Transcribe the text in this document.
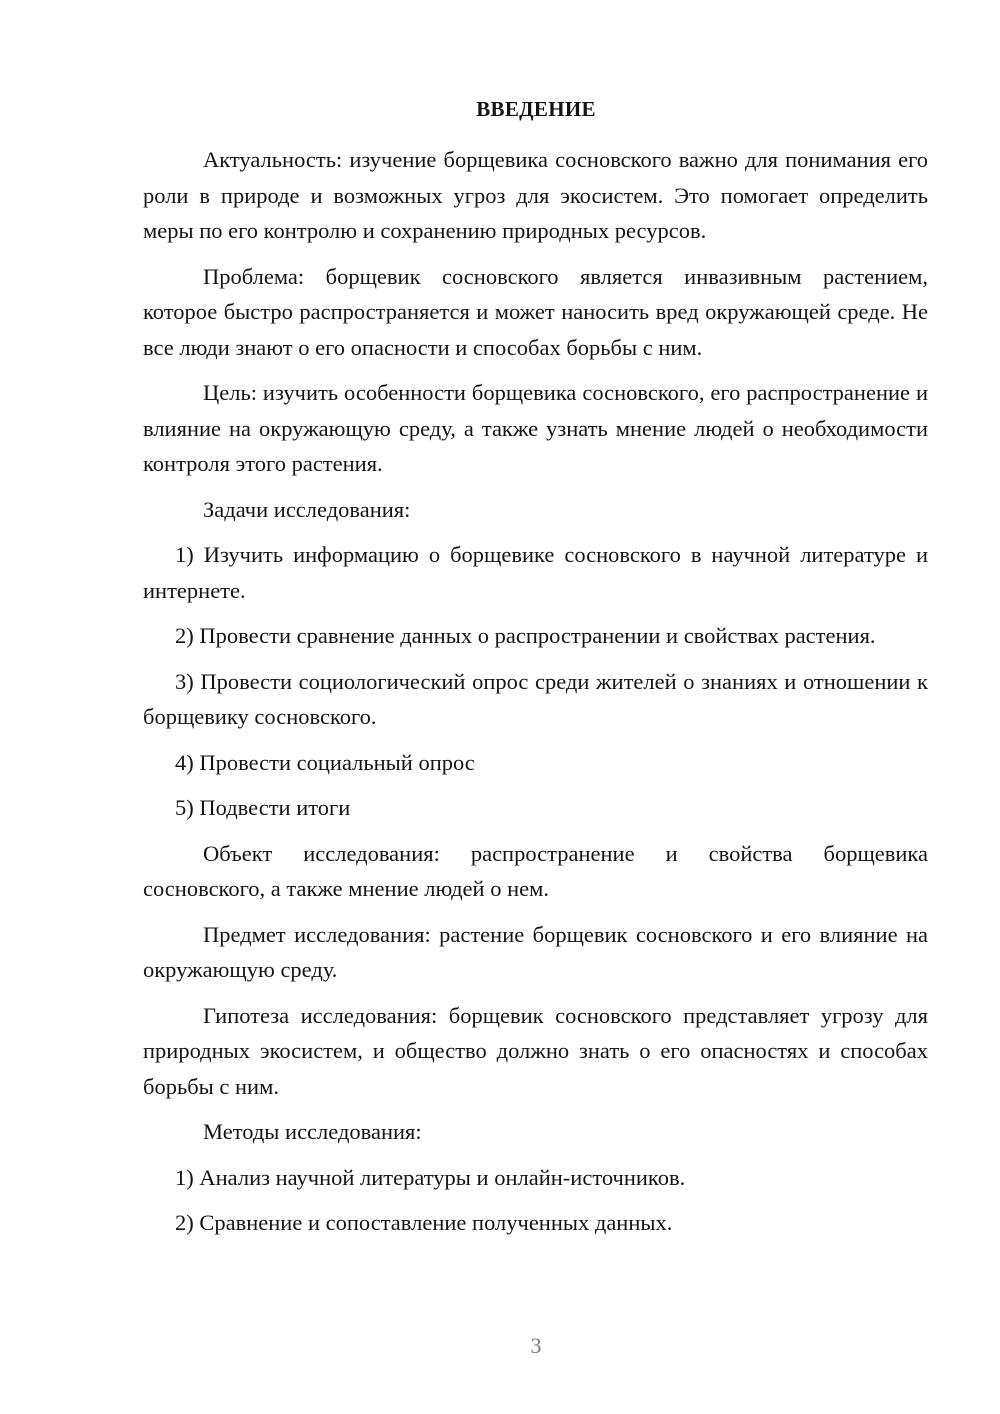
ВВЕДЕНИЕ

Актуальность: изучение борщевика сосновского важно для понимания его роли в природе и возможных угроз для экосистем. Это помогает определить меры по его контролю и сохранению природных ресурсов.

Проблема: борщевик сосновского является инвазивным растением, которое быстро распространяется и может наносить вред окружающей среде. Не все люди знают о его опасности и способах борьбы с ним.

Цель: изучить особенности борщевика сосновского, его распространение и влияние на окружающую среду, а также узнать мнение людей о необходимости контроля этого растения.

Задачи исследования:

1) Изучить информацию о борщевике сосновского в научной литературе и интернете.

2) Провести сравнение данных о распространении и свойствах растения.

3) Провести социологический опрос среди жителей о знаниях и отношении к борщевику сосновского.

4) Провести социальный опрос

5) Подвести итоги

Объект исследования: распространение и свойства борщевика сосновского, а также мнение людей о нем.

Предмет исследования: растение борщевик сосновского и его влияние на окружающую среду.

Гипотеза исследования: борщевик сосновского представляет угрозу для природных экосистем, и общество должно знать о его опасностях и способах борьбы с ним.

Методы исследования:

1) Анализ научной литературы и онлайн-источников.

2) Сравнение и сопоставление полученных данных.

3
